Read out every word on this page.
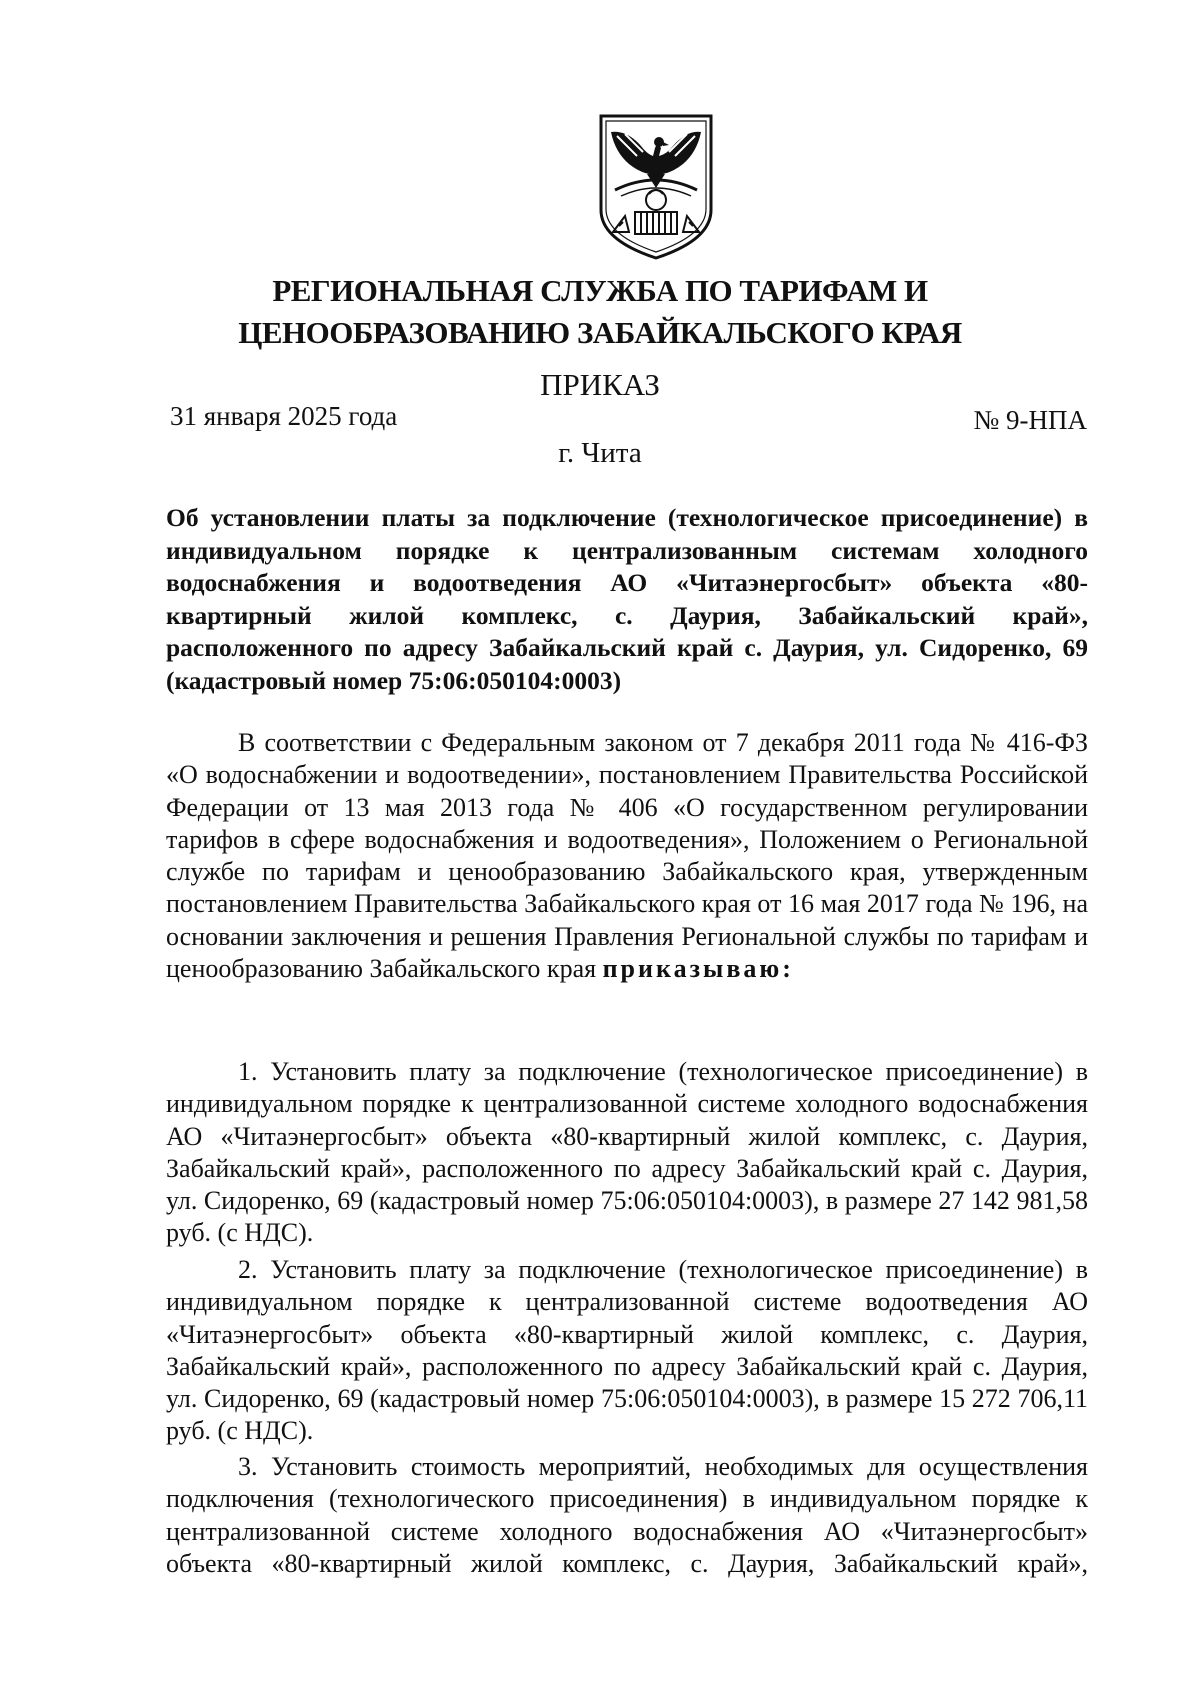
РЕГИОНАЛЬНАЯ СЛУЖБА ПО ТАРИФАМ И
ЦЕНООБРАЗОВАНИЮ ЗАБАЙКАЛЬСКОГО КРАЯ
ПРИКАЗ
31 января 2025 года	№ 9-НПА
г. Чита

Об установлении платы за подключение (технологическое присоединение) в индивидуальном порядке к централизованным системам холодного водоснабжения и водоотведения АО «Читаэнергосбыт» объекта «80-квартирный жилой комплекс, с. Даурия, Забайкальский край», расположенного по адресу Забайкальский край с. Даурия, ул. Сидоренко, 69 (кадастровый номер 75:06:050104:0003)

В соответствии с Федеральным законом от 7 декабря 2011 года № 416-ФЗ «О водоснабжении и водоотведении», постановлением Правительства Российской Федерации от 13 мая 2013 года № 406 «О государственном регулировании тарифов в сфере водоснабжения и водоотведения», Положением о Региональной службе по тарифам и ценообразованию Забайкальского края, утвержденным постановлением Правительства Забайкальского края от 16 мая 2017 года № 196, на основании заключения и решения Правления Региональной службы по тарифам и ценообразованию Забайкальского края приказываю:

1. Установить плату за подключение (технологическое присоединение) в индивидуальном порядке к централизованной системе холодного водоснабжения АО «Читаэнергосбыт» объекта «80-квартирный жилой комплекс, с. Даурия, Забайкальский край», расположенного по адресу Забайкальский край с. Даурия, ул. Сидоренко, 69 (кадастровый номер 75:06:050104:0003), в размере 27 142 981,58 руб. (с НДС).

2. Установить плату за подключение (технологическое присоединение) в индивидуальном порядке к централизованной системе водоотведения АО «Читаэнергосбыт» объекта «80-квартирный жилой комплекс, с. Даурия, Забайкальский край», расположенного по адресу Забайкальский край с. Даурия, ул. Сидоренко, 69 (кадастровый номер 75:06:050104:0003), в размере 15 272 706,11 руб. (с НДС).

3. Установить стоимость мероприятий, необходимых для осуществления подключения (технологического присоединения) в индивидуальном порядке к централизованной системе холодного водоснабжения АО «Читаэнергосбыт» объекта «80-квартирный жилой комплекс, с. Даурия, Забайкальский край»,
